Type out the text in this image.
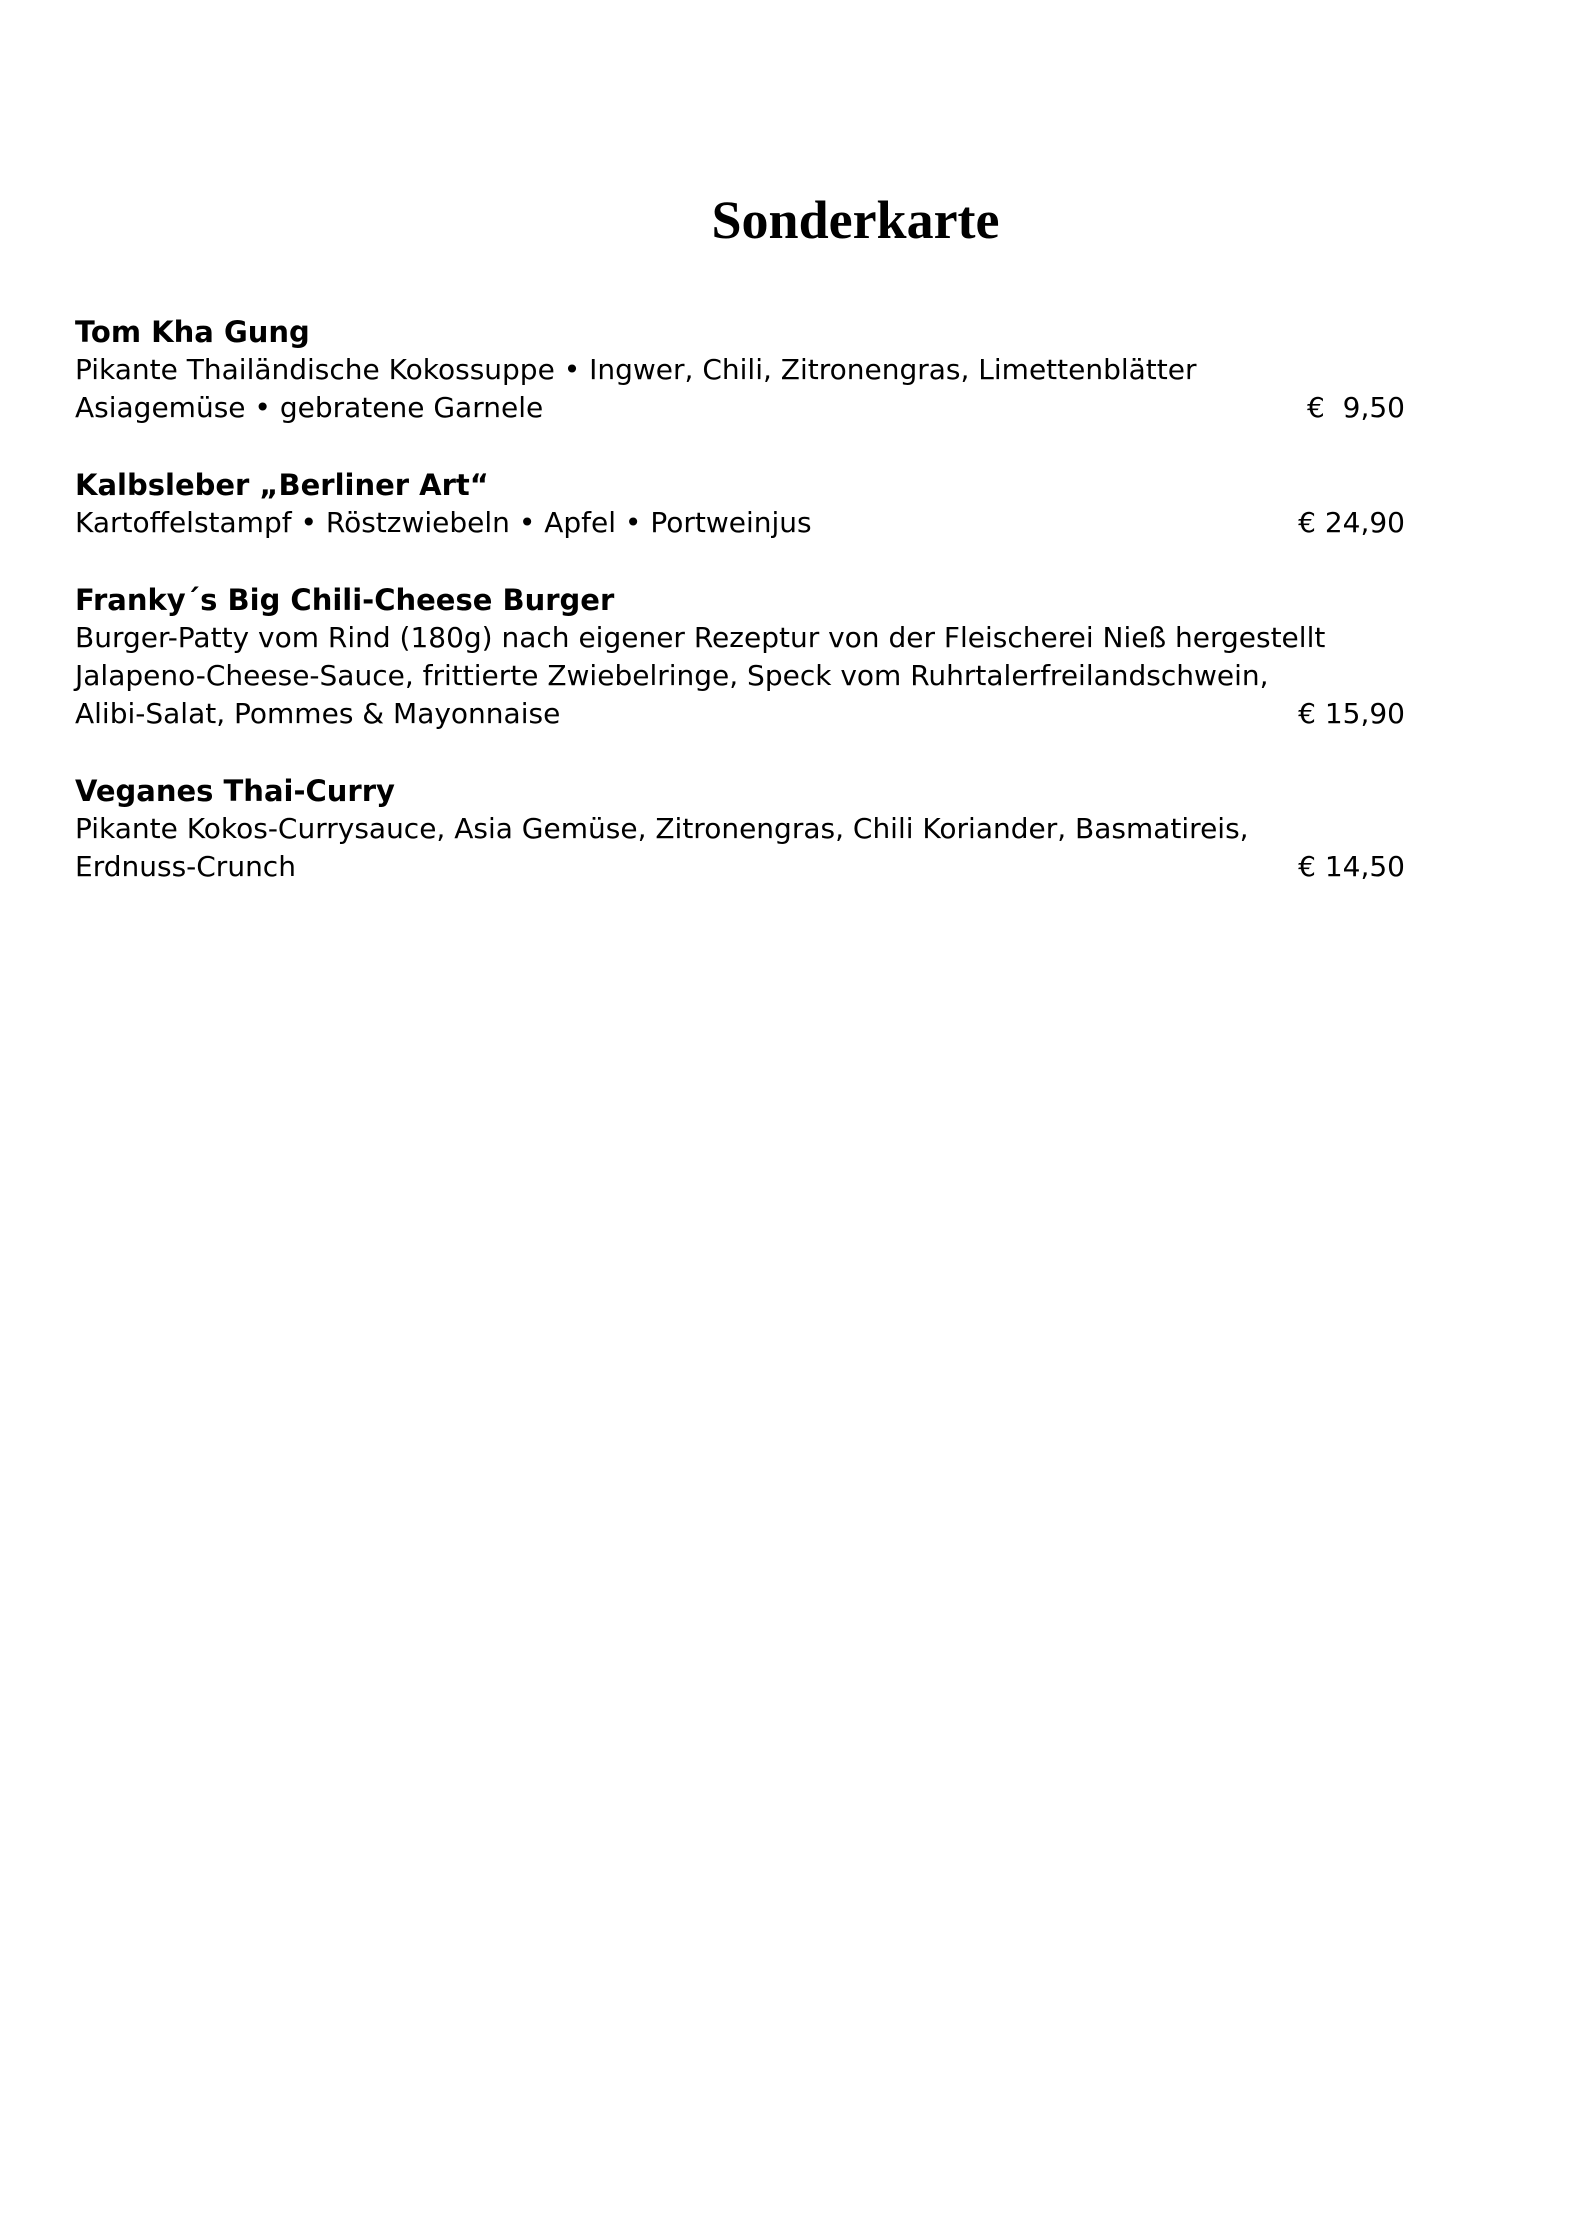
Sonderkarte
Tom Kha Gung
Pikante Thailändische Kokossuppe • Ingwer, Chili, Zitronengras, Limettenblätter
Asiagemüse • gebratene Garnele	€  9,50
Kalbsleber „Berliner Art“
Kartoffelstampf • Röstzwiebeln • Apfel • Portweinjus	€ 24,90
Franky´s Big Chili-Cheese Burger
Burger-Patty vom Rind (180g) nach eigener Rezeptur von der Fleischerei Nieß hergestellt
Jalapeno-Cheese-Sauce, frittierte Zwiebelringe, Speck vom Ruhrtalerfreilandschwein,
Alibi-Salat, Pommes & Mayonnaise	€ 15,90
Veganes Thai-Curry
Pikante Kokos-Currysauce, Asia Gemüse, Zitronengras, Chili Koriander, Basmatireis,
Erdnuss-Crunch	€ 14,50
